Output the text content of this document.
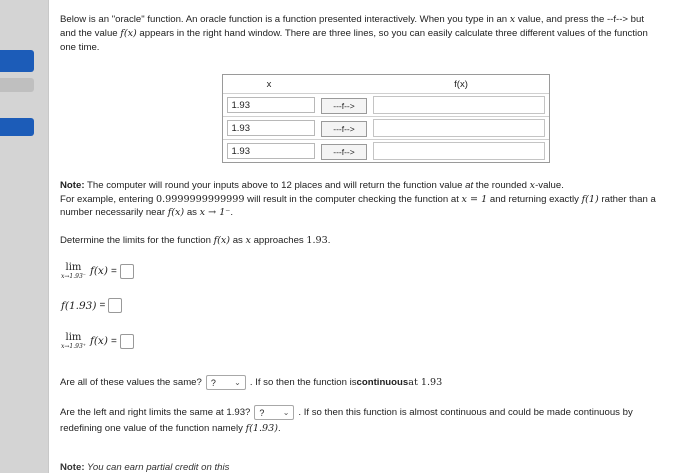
Below is an "oracle" function. An oracle function is a function presented interactively. When you type in an x value, and press the --f--> but
and the value f(x) appears in the right hand window. There are three lines, so you can easily calculate three different values of the function
one time.
x	f(x)
1.93
---f-->
1.93
---f-->
1.93
---f-->
Note: The computer will round your inputs above to 12 places and will return the function value at the rounded x-value.
For example, entering 0.9999999999999 will result in the computer checking the function at x = 1 and returning exactly f(1) rather than a
number necessarily near f(x) as x → 1⁻.
Determine the limits for the function f(x) as x approaches 1.93.
lim
x→1.93⁻ f(x) =
f(1.93) =
lim
x→1.93⁺ f(x) =
Are all of these values the same? ? ⌄ . If so then the function is continuous at 1.93
Are the left and right limits the same at 1.93? ? ⌄ . If so then this function is almost continuous and could be made continuous by
redefining one value of the function namely f(1.93).
Note: You can earn partial credit on this
